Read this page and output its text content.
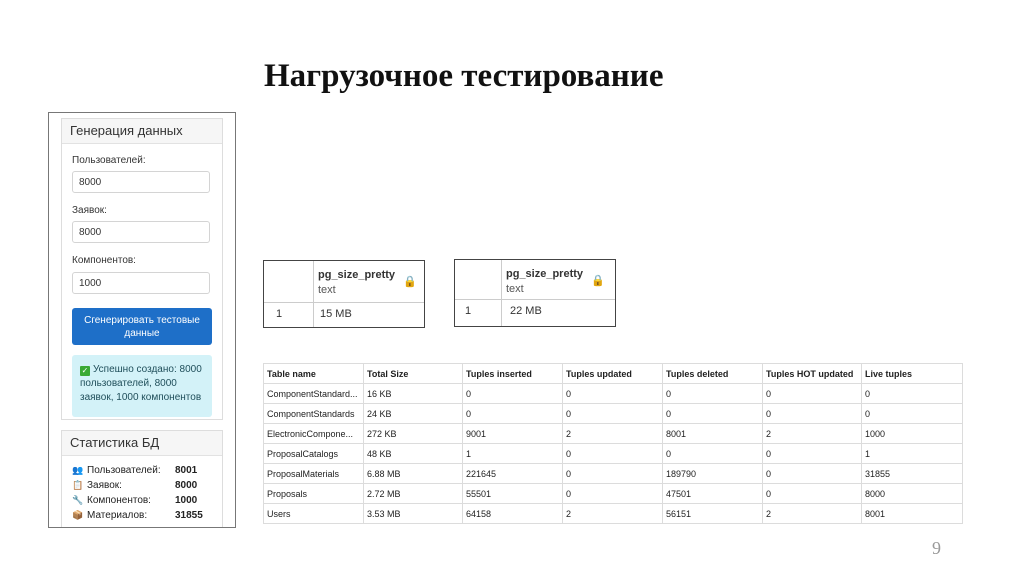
Нагрузочное тестирование
Генерация данных
Пользователей:
8000
Заявок:
8000
Компонентов:
1000
Сгенерировать тестовые данные
✓ Успешно создано: 8000 пользователей, 8000 заявок, 1000 компонентов
Статистика БД
👥 Пользователей: 8001
📋 Заявок:	8000
🔧 Компонентов: 1000
📦 Материалов:	31855
pg_size_pretty
text
🔒
1	15 MB
pg_size_pretty
text
🔒
1	22 MB
Table name	Total Size	Tuples inserted	Tuples updated	Tuples deleted	Tuples HOT updated	Live tuples
ComponentStandard...	16 KB	0	0	0	0	0
ComponentStandards	24 KB	0	0	0	0	0
ElectronicCompone...	272 KB	9001	2	8001	2	1000
ProposalCatalogs	48 KB	1	0	0	0	1
ProposalMaterials	6.88 MB	221645	0	189790	0	31855
Proposals	2.72 MB	55501	0	47501	0	8000
Users	3.53 MB	64158	2	56151	2	8001
9
